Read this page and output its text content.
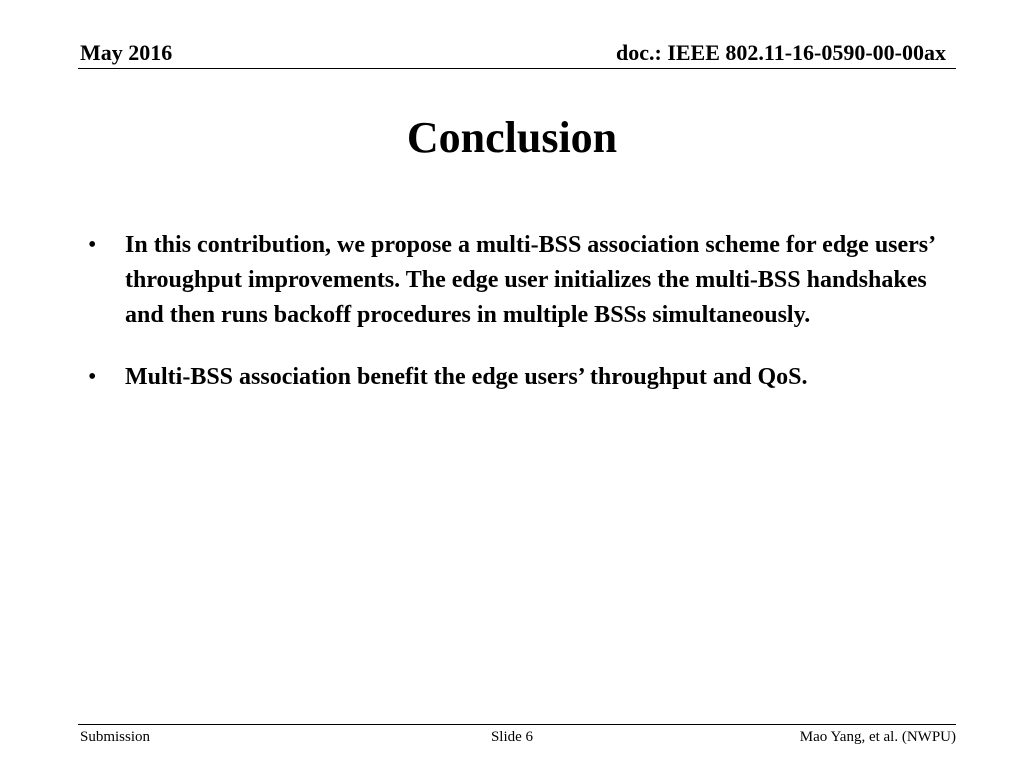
May 2016	doc.: IEEE 802.11-16-0590-00-00ax
Conclusion
• In this contribution, we propose a multi-BSS association scheme for edge users’ throughput improvements. The edge user initializes the multi-BSS handshakes and then runs backoff procedures in multiple BSSs simultaneously.
• Multi-BSS association benefit the edge users’ throughput and QoS.
Submission	Slide 6	Mao Yang, et al. (NWPU)
